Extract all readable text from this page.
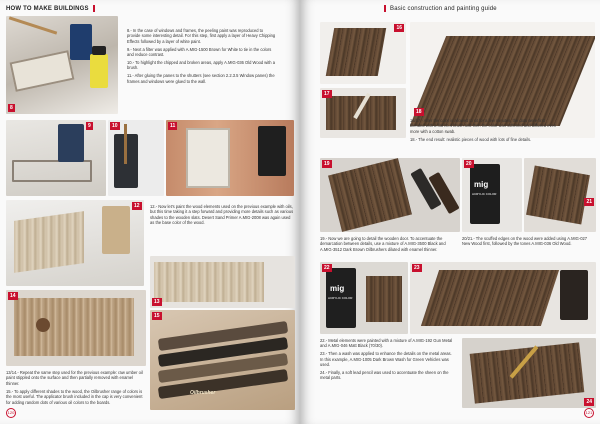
HOW TO MAKE BUILDINGS
8

8.- In the case of windows and frames, the peeling paint was reproduced to provide some interesting detail. For this step, first apply a layer of Heavy Chipping Effects followed by a layer of white paint.

9.- Next a filter was applied with A.MIG-1500 Brown for White to tie in the colors and reduce contrast.

10.- To highlight the chipped and broken areas, apply A.MIG-036 Old Wood with a brush.

11.- After gluing the panes to the shutters (see section 2.2.3.5 Window panes) the frames and windows were glued to the wall.

9	10	11
12	12.- Now let's paint the wood elements used on the previous example with oils, but this time taking it a step forward and providing more details such as various shades to the wooden slats. Desert Sand Primer A.MIG-2008 was again used as the base color of the wood.

13
14
Oilbrusher
15

13/14.- Repeat the same step used for the previous example: raw umber oil paint stippled onto the surface and then partially removed with enamel thinner.

15.- To apply different shades to the wood, the Oilbrusher range of colors is the most useful. The applicator brush included in the cap is very convenient for adding random dots of various oil colors to the boards.

120
Basic construction and painting guide
16
18
17

16/17.- After the color is allowed to sit for a few minutes, the dots were first blended with a flat no.4 brush and then the color was softened and diffused even more with a cotton swab.

18.- The end result: realistic pieces of wood with lots of fine details.

19
mig
ACRYLIC COLOR
20
21

19.- Now we are going to detail the wooden door. To accentuate the demarcation between details, use a mixture of A.MIG-3500 Black and A.MIG-3512 Dark Brown Oilbrushers diluted with enamel thinner.

20/21.- The scuffed edges on the wood were added using A.MIG-027 New Wood first, followed by the tones A.MIG-036 Old Wood.

mig
ACRYLIC COLOR
22	23

22.- Metal elements were painted with a mixture of A.MIG-192 Gun Metal and A.MIG-046 Matt Black (70/30).

23.- Then a wash was applied to enhance the details on the metal areas. In this example, A.MIG-1005 Dark Brown Wash for Green Vehicles was used.

24.- Finally, a soft lead pencil was used to accentuate the sheen on the metal parts.

24
121
